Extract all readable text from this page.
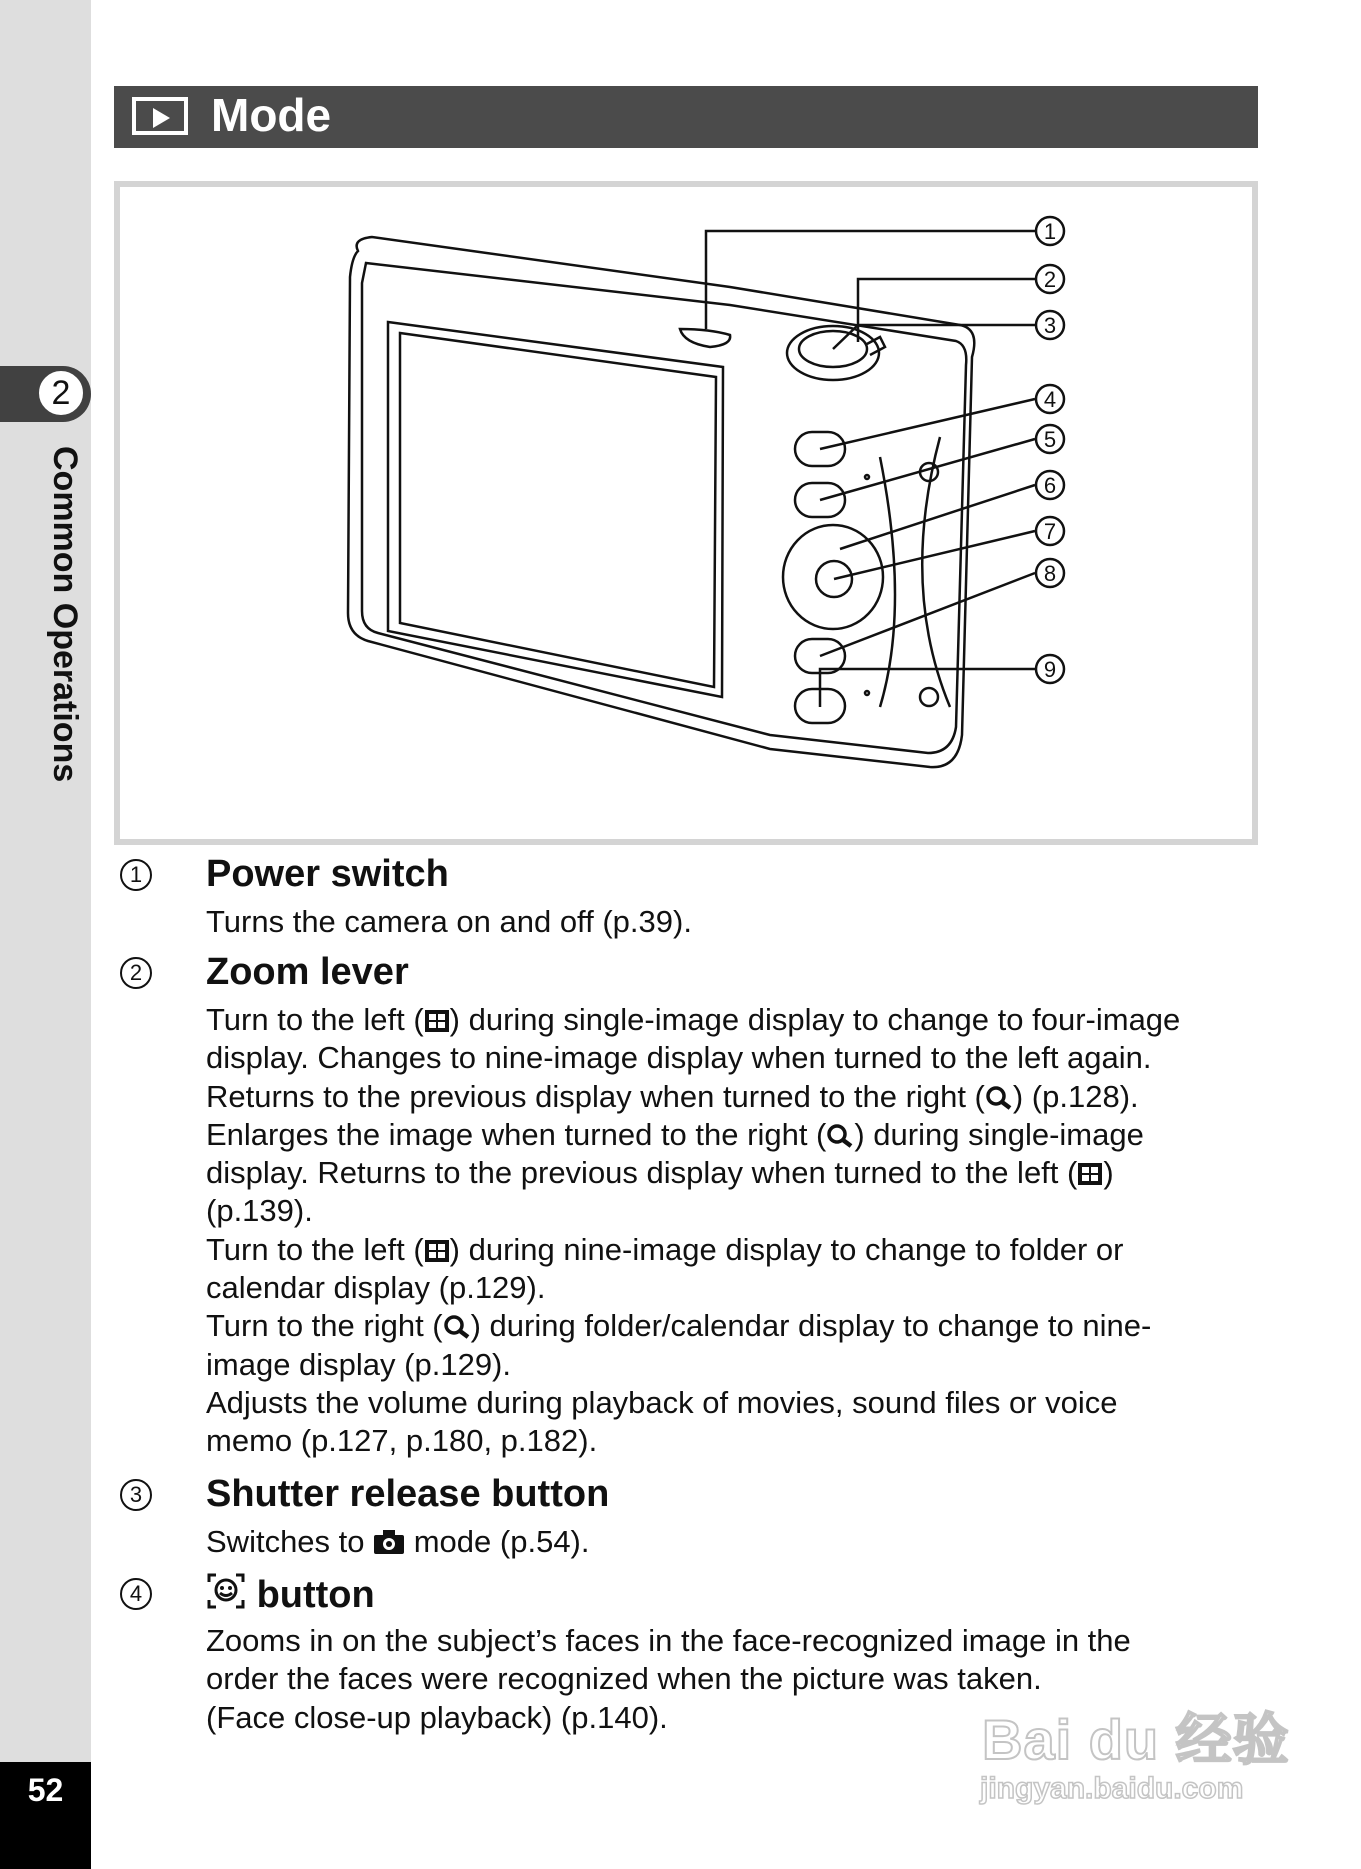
2
Common Operations
52
Mode
1
2
3
4
5
6
7
8
9
1 Power switch
Turns the camera on and off (p.39).
2 Zoom lever
Turn to the left ( ) during single-image display to change to four-image
display. Changes to nine-image display when turned to the left again.
Returns to the previous display when turned to the right ( ) (p.128).
Enlarges the image when turned to the right ( ) during single-image
display. Returns to the previous display when turned to the left ( )
(p.139).
Turn to the left ( ) during nine-image display to change to folder or
calendar display (p.129).
Turn to the right ( ) during folder/calendar display to change to nine-
image display (p.129).
Adjusts the volume during playback of movies, sound files or voice
memo (p.127, p.180, p.182).
3 Shutter release button
Switches to  mode (p.54).
4	button
Zooms in on the subject’s faces in the face-recognized image in the
order the faces were recognized when the picture was taken.
(Face close-up playback) (p.140).	Bai du 经验
jingyan.baidu.com
